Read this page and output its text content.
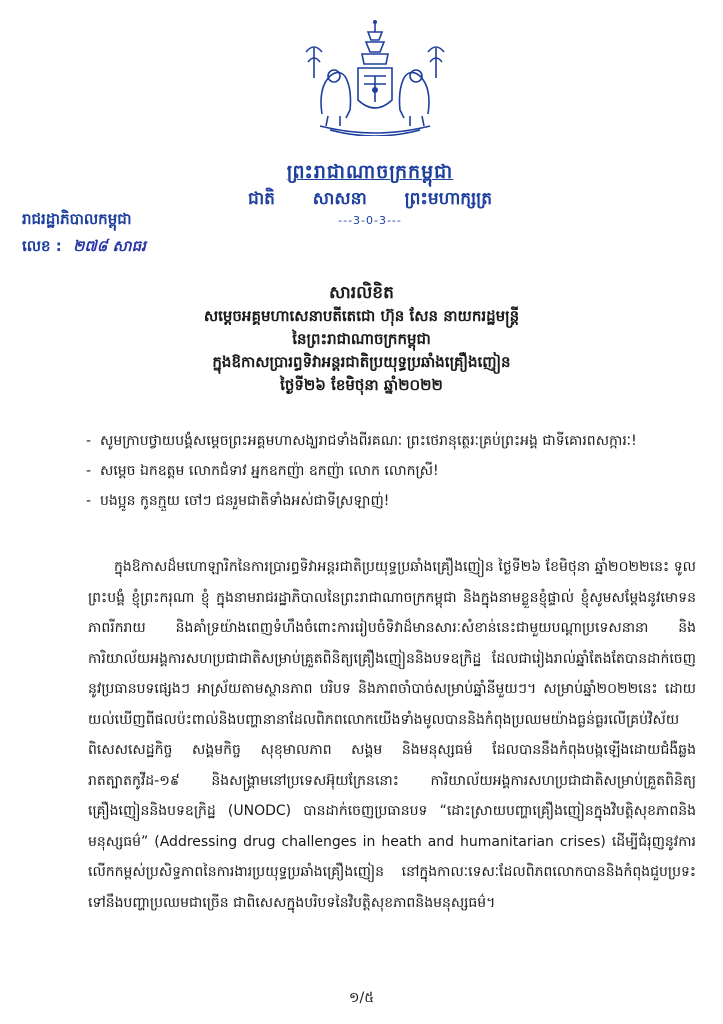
ព្រះរាជាណាចក្រកម្ពុជា
ជាតិ សាសនា ព្រះមហាក្សត្រ
---3-0-3---
រាជរដ្ឋាភិបាលកម្ពុជា
លេខ : ២៧៨ សាធរ
សារលិខិត
សម្តេចអគ្គមហាសេនាបតីតេជោ ហ៊ុន សែន នាយករដ្ឋមន្ត្រី
នៃព្រះរាជាណាចក្រកម្ពុជា
ក្នុងឱកាសប្រារព្ធទិវាអន្តរជាតិប្រយុទ្ធប្រឆាំងគ្រឿងញៀន
ថ្ងៃទី២៦ ខែមិថុនា ឆ្នាំ២០២២
- សូមក្រាបថ្វាយបង្គំសម្តេចព្រះអគ្គមហាសង្ឃរាជទាំងពីរគណៈ ព្រះថេរានុត្ថេរៈគ្រប់ព្រះអង្គ ជាទីគោរពសក្ការៈ!
- សម្តេច ឯកឧត្តម លោកជំទាវ អ្នកឧកញ៉ា ឧកញ៉ា លោក លោកស្រី!
- បងប្អូន កូនក្មួយ ចៅៗ ជនរួមជាតិទាំងអស់ជាទីស្រឡាញ់!
ក្នុងឱកាសដ៏មហោឡារិកនៃការប្រារព្ធទិវាអន្តរជាតិប្រយុទ្ធប្រឆាំងគ្រឿងញៀន ថ្ងៃទី២៦ ខែមិថុនា ឆ្នាំ២០២២នេះ ទូលព្រះបង្គំ ខ្ញុំព្រះករុណា ខ្ញុំ ក្នុងនាមរាជរដ្ឋាភិបាលនៃព្រះរាជាណាចក្រកម្ពុជា និងក្នុងនាមខ្លួនខ្ញុំផ្ទាល់ ខ្ញុំសូមសម្តែងនូវមោទនភាពរីករាយ និងគាំទ្រយ៉ាងពេញទំហឹងចំពោះការរៀបចំទិវាដ៏មានសារៈសំខាន់នេះជាមួយបណ្តាប្រទេសនានា និងការិយាល័យអង្គការសហប្រជាជាតិសម្រាប់គ្រួតពិនិត្យគ្រឿងញៀននិងបទឧក្រិដ្ឋ ដែលជារៀងរាល់ឆ្នាំតែងតែបានដាក់ចេញនូវប្រធានបទផ្សេងៗ អាស្រ័យតាមស្ថានភាព បរិបទ និងភាពចាំបាច់សម្រាប់ឆ្នាំនីមួយៗ។ សម្រាប់ឆ្នាំ២០២២នេះ ដោយយល់ឃើញពីផលប៉ះពាល់និងបញ្ហានានាដែលពិភពលោកយើងទាំងមូលបាននិងកំពុងប្រឈមយ៉ាងធ្ងន់ធ្ងរលើគ្រប់វិស័យ ពិសេសសេដ្ឋកិច្ច សង្គមកិច្ច សុខុមាលភាព សង្គម និងមនុស្សធម៌ ដែលបាននឹងកំពុងបង្កឡើងដោយជំងឺឆ្លងរាតត្បាតកូវីដ-១៩ និងសង្គ្រាមនៅប្រទេសអ៊ុយក្រែននោះ ការិយាល័យអង្គការសហប្រជាជាតិសម្រាប់គ្រួតពិនិត្យគ្រឿងញៀននិងបទឧក្រិដ្ឋ (UNODC) បានដាក់ចេញប្រធានបទ “ដោះស្រាយបញ្ហាគ្រឿងញៀនក្នុងវិបត្តិសុខភាពនិងមនុស្សធម៌” (Addressing drug challenges in heath and humanitarian crises) ដើម្បីជំរុញនូវការលើកកម្ពស់ប្រសិទ្ធភាពនៃការងារប្រយុទ្ធប្រឆាំងគ្រឿងញៀន នៅក្នុងកាលៈទេសៈដែលពិភពលោកបាននិងកំពុងជួបប្រទះទៅនឹងបញ្ហាប្រឈមជាច្រើន ជាពិសេសក្នុងបរិបទនៃវិបត្តិសុខភាពនិងមនុស្សធម៌។
១/៥
